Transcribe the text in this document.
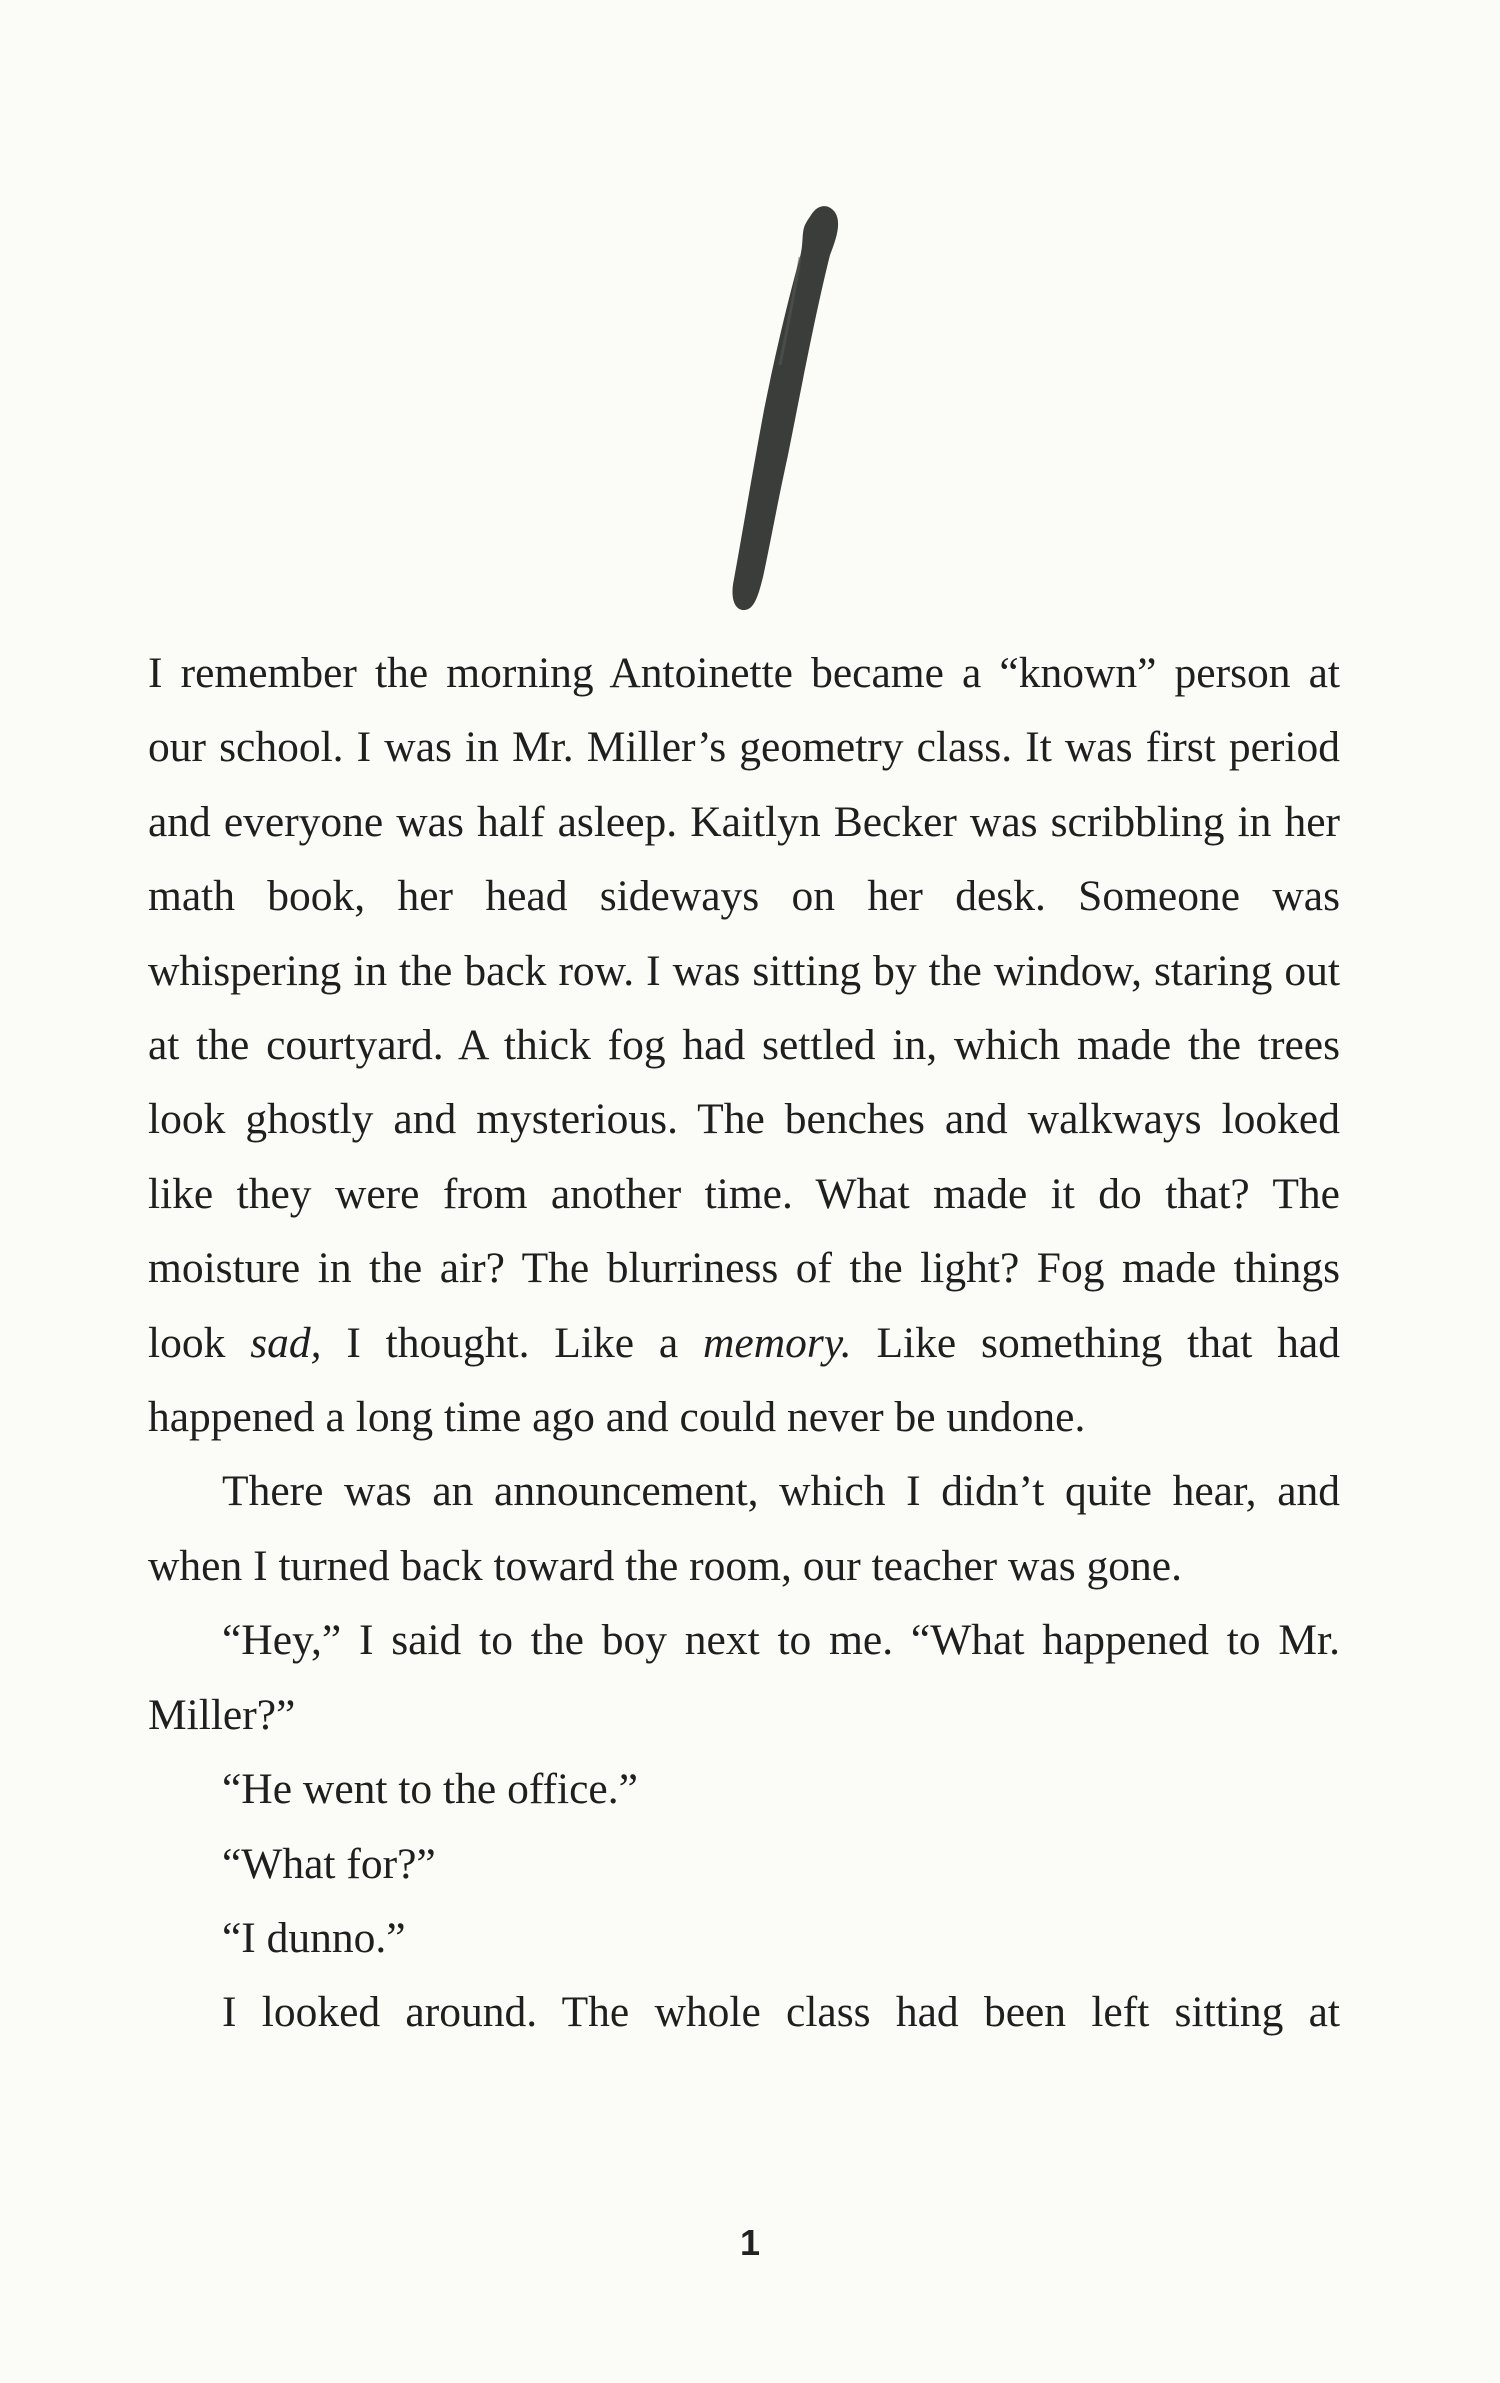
I remember the morning Antoinette became a “known” person at our school. I was in Mr. Miller’s geometry class. It was first period and everyone was half asleep. Kaitlyn Becker was scribbling in her math book, her head sideways on her desk. Someone was whispering in the back row. I was sitting by the window, staring out at the courtyard. A thick fog had settled in, which made the trees look ghostly and mysterious. The benches and walkways looked like they were from another time. What made it do that? The moisture in the air? The blurriness of the light? Fog made things look sad, I thought. Like a memory. Like something that had happened a long time ago and could never be undone.

There was an announcement, which I didn’t quite hear, and when I turned back toward the room, our teacher was gone.

“Hey,” I said to the boy next to me. “What happened to Mr. Miller?”

“He went to the office.”

“What for?”

“I dunno.”

I looked around. The whole class had been left sitting at

1
